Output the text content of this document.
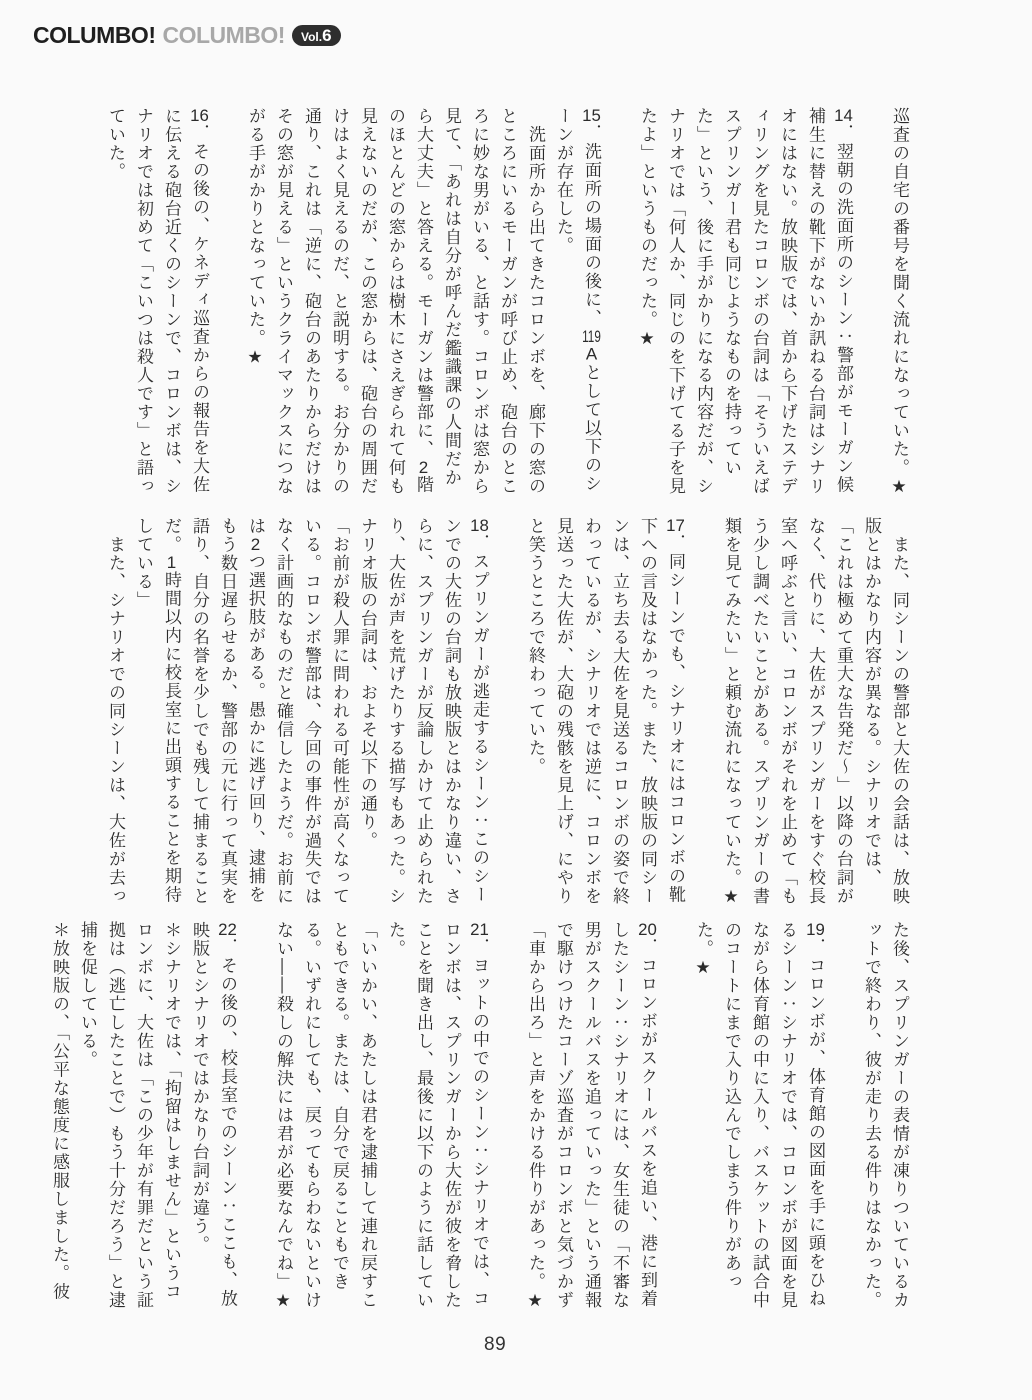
COLUMBO! COLUMBO! Vol. 6

巡査の自宅の番号を聞く流れになっていた。★

14．翌朝の洗面所のシーン：警部がモーガン候補生に替えの靴下がないか訊ねる台詞はシナリオにはない。放映版では、首から下げたステディリングを見たコロンボの台詞は「そういえばスプリンガー君も同じようなものを持っていた」という、後に手がかりになる内容だが、シナリオでは「何人か、同じのを下げてる子を見たよ」というものだった。★

15．洗面所の場面の後に、119Aとして以下のシーンが存在した。

　洗面所から出てきたコロンボを、廊下の窓のところにいるモーガンが呼び止め、砲台のところに妙な男がいる、と話す。コロンボは窓から見て、「あれは自分が呼んだ鑑識課の人間だから大丈夫」と答える。モーガンは警部に、2階のほとんどの窓からは樹木にさえぎられて何も見えないのだが、この窓からは、砲台の周囲だけはよく見えるのだ、と説明する。お分かりの通り、これは「逆に、砲台のあたりからだけはその窓が見える」というクライマックスにつながる手がかりとなっていた。★

16．その後の、ケネディ巡査からの報告を大佐に伝える砲台近くのシーンで、コロンボは、シナリオでは初めて「こいつは殺人です」と語っていた。

　また、同シーンの警部と大佐の会話は、放映版とはかなり内容が異なる。シナリオでは、「これは極めて重大な告発だ〜」以降の台詞がなく、代りに、大佐がスプリンガーをすぐ校長室へ呼ぶと言い、コロンボがそれを止めて「もう少し調べたいことがある。スプリンガーの書類を見てみたい」と頼む流れになっていた。★

17．同シーンでも、シナリオにはコロンボの靴下への言及はなかった。また、放映版の同シーンは、立ち去る大佐を見送るコロンボの姿で終わっているが、シナリオでは逆に、コロンボを見送った大佐が、大砲の残骸を見上げ、にやりと笑うところで終わっていた。

18．スプリンガーが逃走するシーン：このシーンでの大佐の台詞も放映版とはかなり違い、さらに、スプリンガーが反論しかけて止められたり、大佐が声を荒げたりする描写もあった。シナリオ版の台詞は、およそ以下の通り。

「お前が殺人罪に問われる可能性が高くなっている。コロンボ警部は、今回の事件が過失ではなく計画的なものだと確信したようだ。お前には2つ選択肢がある。愚かに逃げ回り、逮捕をもう数日遅らせるか、警部の元に行って真実を語り、自分の名誉を少しでも残して捕まることだ。1時間以内に校長室に出頭することを期待している」

　また、シナリオでの同シーンは、大佐が去っ

た後、スプリンガーの表情が凍りついているカットで終わり、彼が走り去る件りはなかった。

19．コロンボが、体育館の図面を手に頭をひねるシーン：シナリオでは、コロンボが図面を見ながら体育館の中に入り、バスケットの試合中のコートにまで入り込んでしまう件りがあった。★

20．コロンボがスクールバスを追い、港に到着したシーン：シナリオには、女生徒の「不審な男がスクールバスを追っていった」という通報で駆けつけたコーゾ巡査がコロンボと気づかず「車から出ろ」と声をかける件りがあった。★

21．ヨットの中でのシーン：シナリオでは、コロンボは、スプリンガーから大佐が彼を脅したことを聞き出し、最後に以下のように話していた。

「いいかい、あたしは君を逮捕して連れ戻すこともできる。または、自分で戻ることもできる。いずれにしても、戻ってもらわないといけない――殺しの解決には君が必要なんでね」★

22．その後の、校長室でのシーン：ここも、放映版とシナリオではかなり台詞が違う。

＊シナリオでは、「拘留はしません」というコロンボに、大佐は「この少年が有罪だという証拠は（逃亡したことで）もう十分だろう」と逮捕を促している。

＊放映版の、「公平な態度に感服しました。彼

89
